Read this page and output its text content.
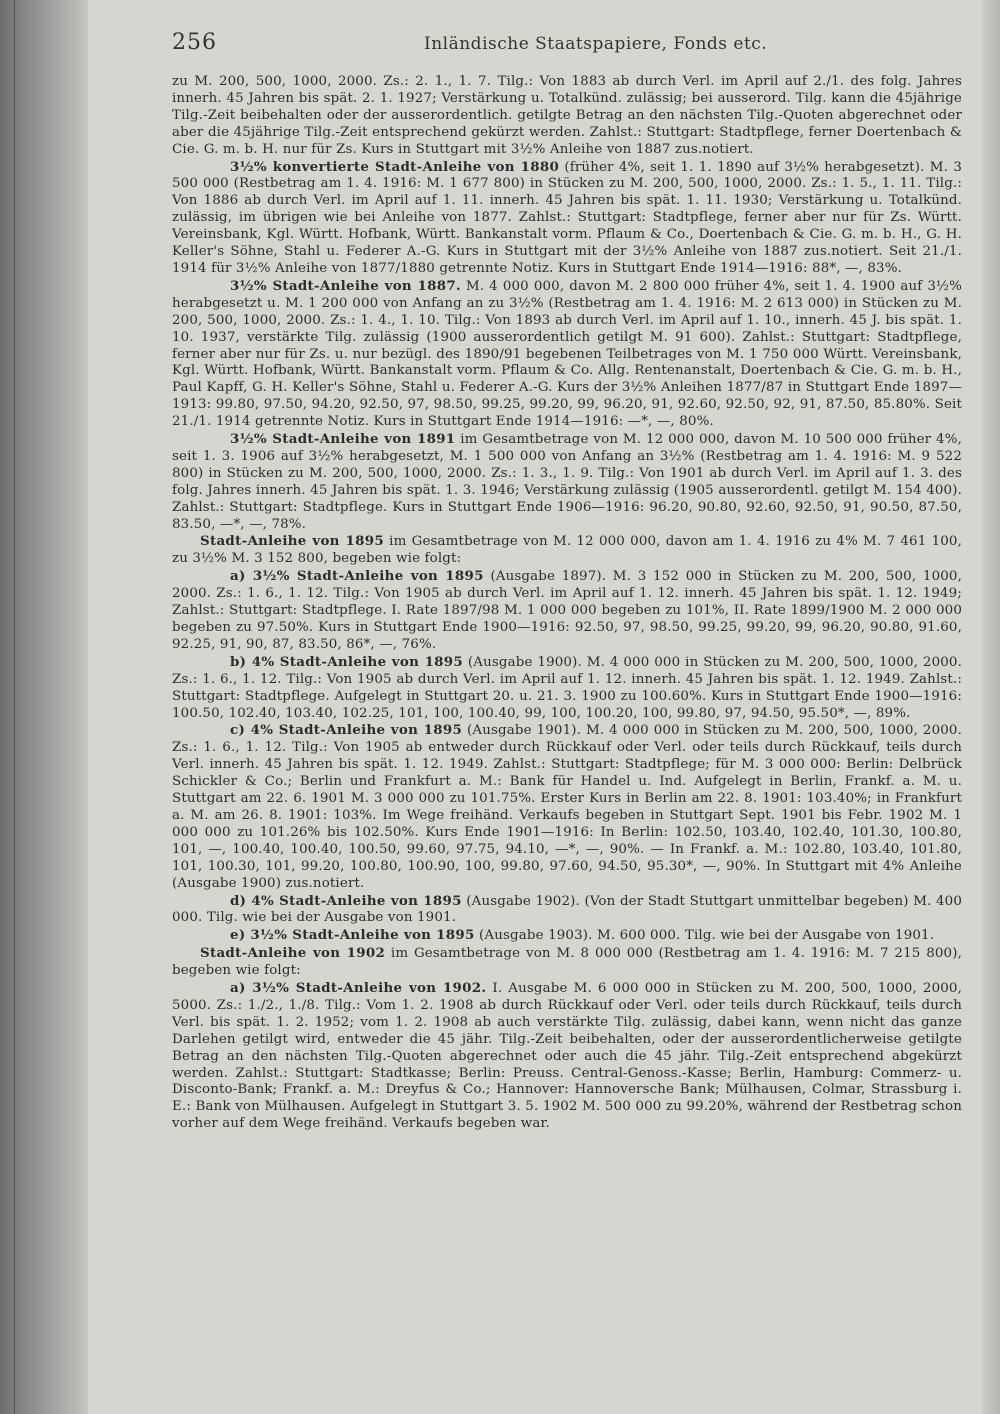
256	Inländische Staatspapiere, Fonds etc.

zu M. 200, 500, 1000, 2000. Zs.: 2. 1., 1. 7. Tilg.: Von 1883 ab durch Verl. im April auf 2./1. des folg. Jahres innerh. 45 Jahren bis spät. 2. 1. 1927; Verstärkung u. Totalkünd. zulässig; bei ausserord. Tilg. kann die 45jährige Tilg.-Zeit beibehalten oder der ausserordentlich. getilgte Betrag an den nächsten Tilg.-Quoten abgerechnet oder aber die 45jährige Tilg.-Zeit entsprechend gekürzt werden. Zahlst.: Stuttgart: Stadtpflege, ferner Doertenbach & Cie. G. m. b. H. nur für Zs. Kurs in Stuttgart mit 3½% Anleihe von 1887 zus.notiert.

3½% konvertierte Stadt-Anleihe von 1880 (früher 4%, seit 1. 1. 1890 auf 3½% herabgesetzt). M. 3 500 000 (Restbetrag am 1. 4. 1916: M. 1 677 800) in Stücken zu M. 200, 500, 1000, 2000. Zs.: 1. 5., 1. 11. Tilg.: Von 1886 ab durch Verl. im April auf 1. 11. innerh. 45 Jahren bis spät. 1. 11. 1930; Verstärkung u. Totalkünd. zulässig, im übrigen wie bei Anleihe von 1877. Zahlst.: Stuttgart: Stadtpflege, ferner aber nur für Zs. Württ. Vereinsbank, Kgl. Württ. Hofbank, Württ. Bankanstalt vorm. Pflaum & Co., Doertenbach & Cie. G. m. b. H., G. H. Keller's Söhne, Stahl u. Federer A.-G. Kurs in Stuttgart mit der 3½% Anleihe von 1887 zus.notiert. Seit 21./1. 1914 für 3½% Anleihe von 1877/1880 getrennte Notiz. Kurs in Stuttgart Ende 1914—1916: 88*, —, 83%.

3½% Stadt-Anleihe von 1887. M. 4 000 000, davon M. 2 800 000 früher 4%, seit 1. 4. 1900 auf 3½% herabgesetzt u. M. 1 200 000 von Anfang an zu 3½% (Restbetrag am 1. 4. 1916: M. 2 613 000) in Stücken zu M. 200, 500, 1000, 2000. Zs.: 1. 4., 1. 10. Tilg.: Von 1893 ab durch Verl. im April auf 1. 10., innerh. 45 J. bis spät. 1. 10. 1937, verstärkte Tilg. zulässig (1900 ausserordentlich getilgt M. 91 600). Zahlst.: Stuttgart: Stadtpflege, ferner aber nur für Zs. u. nur bezügl. des 1890/91 begebenen Teilbetrages von M. 1 750 000 Württ. Vereinsbank, Kgl. Württ. Hofbank, Württ. Bankanstalt vorm. Pflaum & Co. Allg. Rentenanstalt, Doertenbach & Cie. G. m. b. H., Paul Kapff, G. H. Keller's Söhne, Stahl u. Federer A.-G. Kurs der 3½% Anleihen 1877/87 in Stuttgart Ende 1897—1913: 99.80, 97.50, 94.20, 92.50, 97, 98.50, 99.25, 99.20, 99, 96.20, 91, 92.60, 92.50, 92, 91, 87.50, 85.80%. Seit 21./1. 1914 getrennte Notiz. Kurs in Stuttgart Ende 1914—1916: —*, —, 80%.

3½% Stadt-Anleihe von 1891 im Gesamtbetrage von M. 12 000 000, davon M. 10 500 000 früher 4%, seit 1. 3. 1906 auf 3½% herabgesetzt, M. 1 500 000 von Anfang an 3½% (Restbetrag am 1. 4. 1916: M. 9 522 800) in Stücken zu M. 200, 500, 1000, 2000. Zs.: 1. 3., 1. 9. Tilg.: Von 1901 ab durch Verl. im April auf 1. 3. des folg. Jahres innerh. 45 Jahren bis spät. 1. 3. 1946; Verstärkung zulässig (1905 ausserordentl. getilgt M. 154 400). Zahlst.: Stuttgart: Stadtpflege. Kurs in Stuttgart Ende 1906—1916: 96.20, 90.80, 92.60, 92.50, 91, 90.50, 87.50, 83.50, —*, —, 78%.

Stadt-Anleihe von 1895 im Gesamtbetrage von M. 12 000 000, davon am 1. 4. 1916 zu 4% M. 7 461 100, zu 3½% M. 3 152 800, begeben wie folgt:

a) 3½% Stadt-Anleihe von 1895 (Ausgabe 1897). M. 3 152 000 in Stücken zu M. 200, 500, 1000, 2000. Zs.: 1. 6., 1. 12. Tilg.: Von 1905 ab durch Verl. im April auf 1. 12. innerh. 45 Jahren bis spät. 1. 12. 1949; Zahlst.: Stuttgart: Stadtpflege. I. Rate 1897/98 M. 1 000 000 begeben zu 101%, II. Rate 1899/1900 M. 2 000 000 begeben zu 97.50%. Kurs in Stuttgart Ende 1900—1916: 92.50, 97, 98.50, 99.25, 99.20, 99, 96.20, 90.80, 91.60, 92.25, 91, 90, 87, 83.50, 86*, —, 76%.

b) 4% Stadt-Anleihe von 1895 (Ausgabe 1900). M. 4 000 000 in Stücken zu M. 200, 500, 1000, 2000. Zs.: 1. 6., 1. 12. Tilg.: Von 1905 ab durch Verl. im April auf 1. 12. innerh. 45 Jahren bis spät. 1. 12. 1949. Zahlst.: Stuttgart: Stadtpflege. Aufgelegt in Stuttgart 20. u. 21. 3. 1900 zu 100.60%. Kurs in Stuttgart Ende 1900—1916: 100.50, 102.40, 103.40, 102.25, 101, 100, 100.40, 99, 100, 100.20, 100, 99.80, 97, 94.50, 95.50*, —, 89%.

c) 4% Stadt-Anleihe von 1895 (Ausgabe 1901). M. 4 000 000 in Stücken zu M. 200, 500, 1000, 2000. Zs.: 1. 6., 1. 12. Tilg.: Von 1905 ab entweder durch Rückkauf oder Verl. oder teils durch Rückkauf, teils durch Verl. innerh. 45 Jahren bis spät. 1. 12. 1949. Zahlst.: Stuttgart: Stadtpflege; für M. 3 000 000: Berlin: Delbrück Schickler & Co.; Berlin und Frankfurt a. M.: Bank für Handel u. Ind. Aufgelegt in Berlin, Frankf. a. M. u. Stuttgart am 22. 6. 1901 M. 3 000 000 zu 101.75%. Erster Kurs in Berlin am 22. 8. 1901: 103.40%; in Frankfurt a. M. am 26. 8. 1901: 103%. Im Wege freihänd. Verkaufs begeben in Stuttgart Sept. 1901 bis Febr. 1902 M. 1 000 000 zu 101.26% bis 102.50%. Kurs Ende 1901—1916: In Berlin: 102.50, 103.40, 102.40, 101.30, 100.80, 101, —, 100.40, 100.40, 100.50, 99.60, 97.75, 94.10, —*, —, 90%. — In Frankf. a. M.: 102.80, 103.40, 101.80, 101, 100.30, 101, 99.20, 100.80, 100.90, 100, 99.80, 97.60, 94.50, 95.30*, —, 90%. In Stuttgart mit 4% Anleihe (Ausgabe 1900) zus.notiert.

d) 4% Stadt-Anleihe von 1895 (Ausgabe 1902). (Von der Stadt Stuttgart unmittelbar begeben) M. 400 000. Tilg. wie bei der Ausgabe von 1901.

e) 3½% Stadt-Anleihe von 1895 (Ausgabe 1903). M. 600 000. Tilg. wie bei der Ausgabe von 1901.

Stadt-Anleihe von 1902 im Gesamtbetrage von M. 8 000 000 (Restbetrag am 1. 4. 1916: M. 7 215 800), begeben wie folgt:

a) 3½% Stadt-Anleihe von 1902. I. Ausgabe M. 6 000 000 in Stücken zu M. 200, 500, 1000, 2000, 5000. Zs.: 1./2., 1./8. Tilg.: Vom 1. 2. 1908 ab durch Rückkauf oder Verl. oder teils durch Rückkauf, teils durch Verl. bis spät. 1. 2. 1952; vom 1. 2. 1908 ab auch verstärkte Tilg. zulässig, dabei kann, wenn nicht das ganze Darlehen getilgt wird, entweder die 45 jähr. Tilg.-Zeit beibehalten, oder der ausserordentlicherweise getilgte Betrag an den nächsten Tilg.-Quoten abgerechnet oder auch die 45 jähr. Tilg.-Zeit entsprechend abgekürzt werden. Zahlst.: Stuttgart: Stadtkasse; Berlin: Preuss. Central-Genoss.-Kasse; Berlin, Hamburg: Commerz- u. Disconto-Bank; Frankf. a. M.: Dreyfus & Co.; Hannover: Hannoversche Bank; Mülhausen, Colmar, Strassburg i. E.: Bank von Mülhausen. Aufgelegt in Stuttgart 3. 5. 1902 M. 500 000 zu 99.20%, während der Restbetrag schon vorher auf dem Wege freihänd. Verkaufs begeben war.
